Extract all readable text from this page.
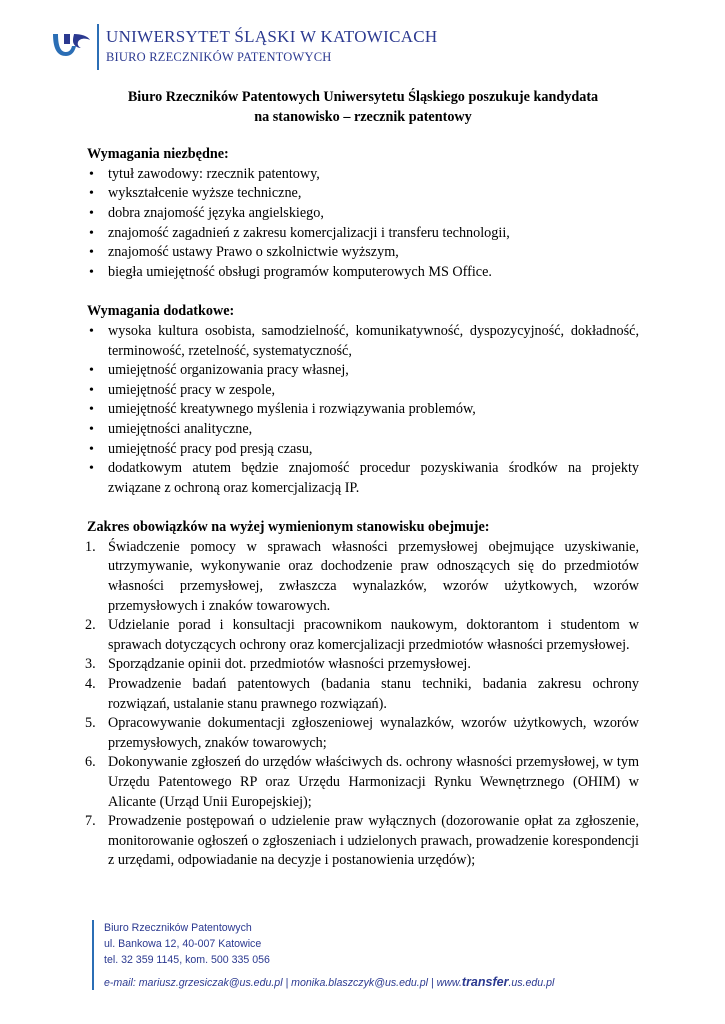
UNIWERSYTET ŚLĄSKI W KATOWICACH
BIURO RZECZNIKÓW PATENTOWYCH
Biuro Rzeczników Patentowych Uniwersytetu Śląskiego poszukuje kandydata
na stanowisko – rzecznik patentowy

Wymagania niezbędne:

• tytuł zawodowy: rzecznik patentowy,
• wykształcenie wyższe techniczne,
• dobra znajomość języka angielskiego,
• znajomość zagadnień z zakresu komercjalizacji i transferu technologii,
• znajomość ustawy Prawo o szkolnictwie wyższym,
• biegła umiejętność obsługi programów komputerowych MS Office.

Wymagania dodatkowe:

• wysoka kultura osobista, samodzielność, komunikatywność, dyspozycyjność, dokładność, terminowość, rzetelność, systematyczność,
• umiejętność organizowania pracy własnej,
• umiejętność pracy w zespole,
• umiejętność kreatywnego myślenia i rozwiązywania problemów,
• umiejętności analityczne,
• umiejętność pracy pod presją czasu,
• dodatkowym atutem będzie znajomość procedur pozyskiwania środków na projekty związane z ochroną oraz komercjalizacją IP.

Zakres obowiązków na wyżej wymienionym stanowisku obejmuje:

1. Świadczenie pomocy w sprawach własności przemysłowej obejmujące uzyskiwanie, utrzymywanie, wykonywanie oraz dochodzenie praw odnoszących się do przedmiotów własności przemysłowej, zwłaszcza wynalazków, wzorów użytkowych, wzorów przemysłowych i znaków towarowych.
2. Udzielanie porad i konsultacji pracownikom naukowym, doktorantom i studentom w sprawach dotyczących ochrony oraz komercjalizacji przedmiotów własności przemysłowej.
3. Sporządzanie opinii dot. przedmiotów własności przemysłowej.
4. Prowadzenie badań patentowych (badania stanu techniki, badania zakresu ochrony rozwiązań, ustalanie stanu prawnego rozwiązań).
5. Opracowywanie dokumentacji zgłoszeniowej wynalazków, wzorów użytkowych, wzorów przemysłowych, znaków towarowych;
6. Dokonywanie zgłoszeń do urzędów właściwych ds. ochrony własności przemysłowej, w tym Urzędu Patentowego RP oraz Urzędu Harmonizacji Rynku Wewnętrznego (OHIM) w Alicante (Urząd Unii Europejskiej);
7. Prowadzenie postępowań o udzielenie praw wyłącznych (dozorowanie opłat za zgłoszenie, monitorowanie ogłoszeń o zgłoszeniach i udzielonych prawach, prowadzenie korespondencji z urzędami, odpowiadanie na decyzje i postanowienia urzędów);
Biuro Rzeczników Patentowych
ul. Bankowa 12, 40-007 Katowice
tel. 32 359 1145, kom. 500 335 056
e-mail: mariusz.grzesiczak@us.edu.pl | monika.blaszczyk@us.edu.pl | www.transfer.us.edu.pl
